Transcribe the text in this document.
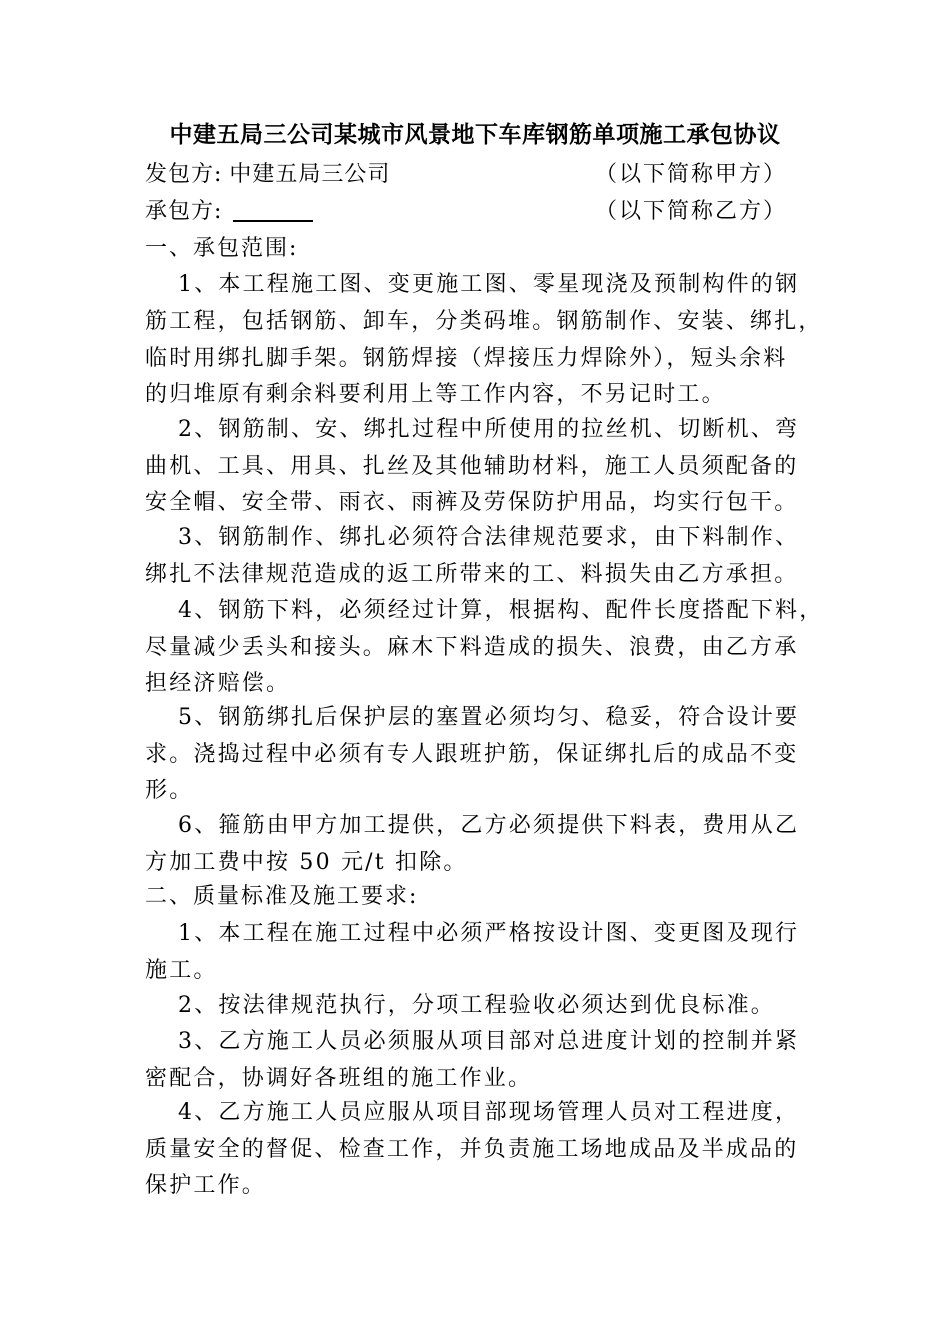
中建五局三公司某城市风景地下车库钢筋单项施工承包协议
发包方: 中建五局三公司	（以下简称甲方）
承包方:	（以下简称乙方）
一、承包范围:
1、本工程施工图、变更施工图、零星现浇及预制构件的钢
筋工程，包括钢筋、卸车，分类码堆。钢筋制作、安装、绑扎，
临时用绑扎脚手架。钢筋焊接（焊接压力焊除外），短头余料
的归堆原有剩余料要利用上等工作内容，不另记时工。
2、钢筋制、安、绑扎过程中所使用的拉丝机、切断机、弯
曲机、工具、用具、扎丝及其他辅助材料，施工人员须配备的
安全帽、安全带、雨衣、雨裤及劳保防护用品，均实行包干。
3、钢筋制作、绑扎必须符合法律规范要求，由下料制作、
绑扎不法律规范造成的返工所带来的工、料损失由乙方承担。
4、钢筋下料，必须经过计算，根据构、配件长度搭配下料，
尽量减少丢头和接头。麻木下料造成的损失、浪费，由乙方承
担经济赔偿。
5、钢筋绑扎后保护层的塞置必须均匀、稳妥，符合设计要
求。浇捣过程中必须有专人跟班护筋，保证绑扎后的成品不变
形。
6、箍筋由甲方加工提供，乙方必须提供下料表，费用从乙
方加工费中按 50 元/t 扣除。
二、质量标准及施工要求:
1、本工程在施工过程中必须严格按设计图、变更图及现行
施工。
2、按法律规范执行，分项工程验收必须达到优良标准。
3、乙方施工人员必须服从项目部对总进度计划的控制并紧
密配合，协调好各班组的施工作业。
4、乙方施工人员应服从项目部现场管理人员对工程进度，
质量安全的督促、检查工作，并负责施工场地成品及半成品的
保护工作。
